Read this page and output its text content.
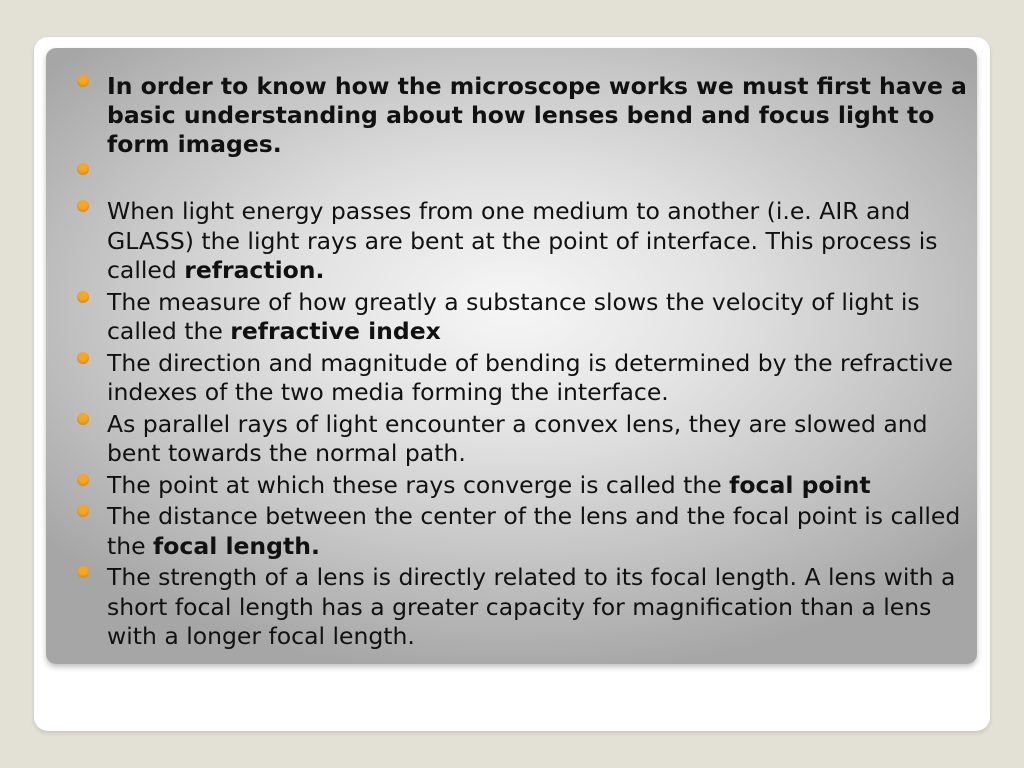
In order to know how the microscope works we must first have a basic understanding about how lenses bend and focus light to form images.
When light energy passes from one medium to another (i.e. AIR and GLASS) the light rays are bent at the point of interface. This process is called refraction.
The measure of how greatly a substance slows the velocity of light is called the refractive index
The direction and magnitude of bending is determined by the refractive indexes of the two media forming the interface.
As parallel rays of light encounter a convex lens, they are slowed and bent towards the normal path.
The point at which these rays converge is called the focal point
The distance between the center of the lens and the focal point is called the focal length.
The strength of a lens is directly related to its focal length. A lens with a short focal length has a greater capacity for magnification than a lens with a longer focal length.
